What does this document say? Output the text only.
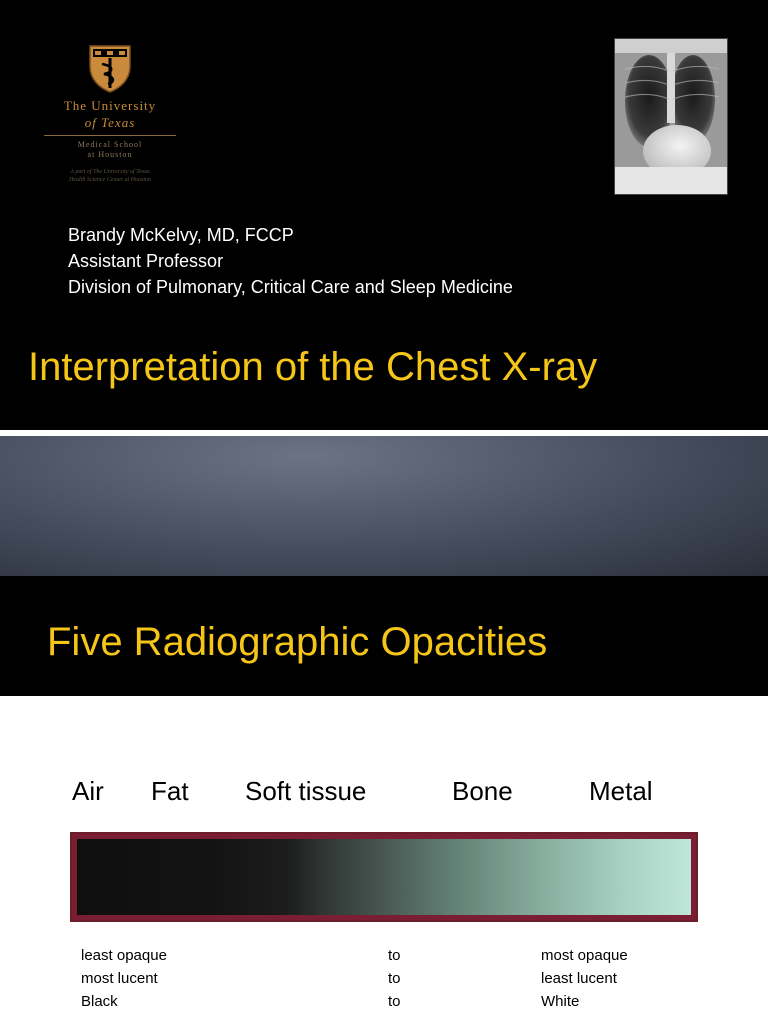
The University
of Texas
Medical School
at Houston
A part of The University of Texas
Health Science Center at Houston
Brandy McKelvy, MD, FCCP
Assistant Professor
Division of Pulmonary, Critical Care and Sleep Medicine
Interpretation of the Chest X-ray
Five Radiographic Opacities
Air Fat Soft tissue	Bone	Metal
least opaque	to	most opaque
most lucent	to	least lucent
Black	to	White
